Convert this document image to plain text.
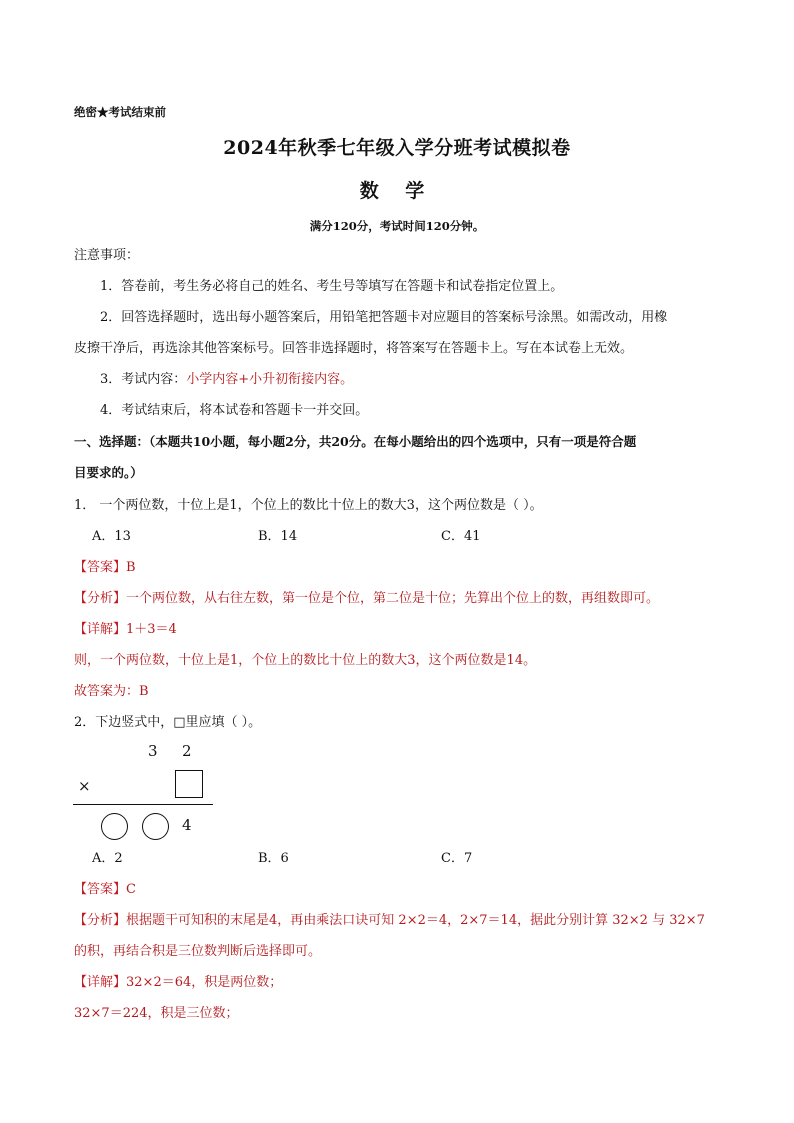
绝密★考试结束前
2024年秋季七年级入学分班考试模拟卷
数 学
满分120分，考试时间120分钟。
注意事项：
1．答卷前，考生务必将自己的姓名、考生号等填写在答题卡和试卷指定位置上。
2．回答选择题时，选出每小题答案后，用铅笔把答题卡对应题目的答案标号涂黑。如需改动，用橡
皮擦干净后，再选涂其他答案标号。回答非选择题时，将答案写在答题卡上。写在本试卷上无效。
3．考试内容：小学内容+小升初衔接内容。
4．考试结束后，将本试卷和答题卡一并交回。
一、选择题：（本题共10小题，每小题2分，共20分。在每小题给出的四个选项中，只有一项是符合题
目要求的。）
1． 一个两位数，十位上是1，个位上的数比十位上的数大3，这个两位数是（ ）。
A．13	B．14	C．41
【答案】B
【分析】一个两位数，从右往左数，第一位是个位，第二位是十位；先算出个位上的数，再组数即可。
【详解】1＋3＝4
则，一个两位数，十位上是1，个位上的数比十位上的数大3，这个两位数是14。
故答案为：B
2．下边竖式中，□里应填（ ）。
3 2
×
4
A．2	B．6	C．7
【答案】C
【分析】根据题干可知积的末尾是4，再由乘法口诀可知 2×2＝4，2×7＝14，据此分别计算 32×2 与 32×7
的积，再结合积是三位数判断后选择即可。
【详解】32×2＝64，积是两位数；
32×7＝224，积是三位数；
